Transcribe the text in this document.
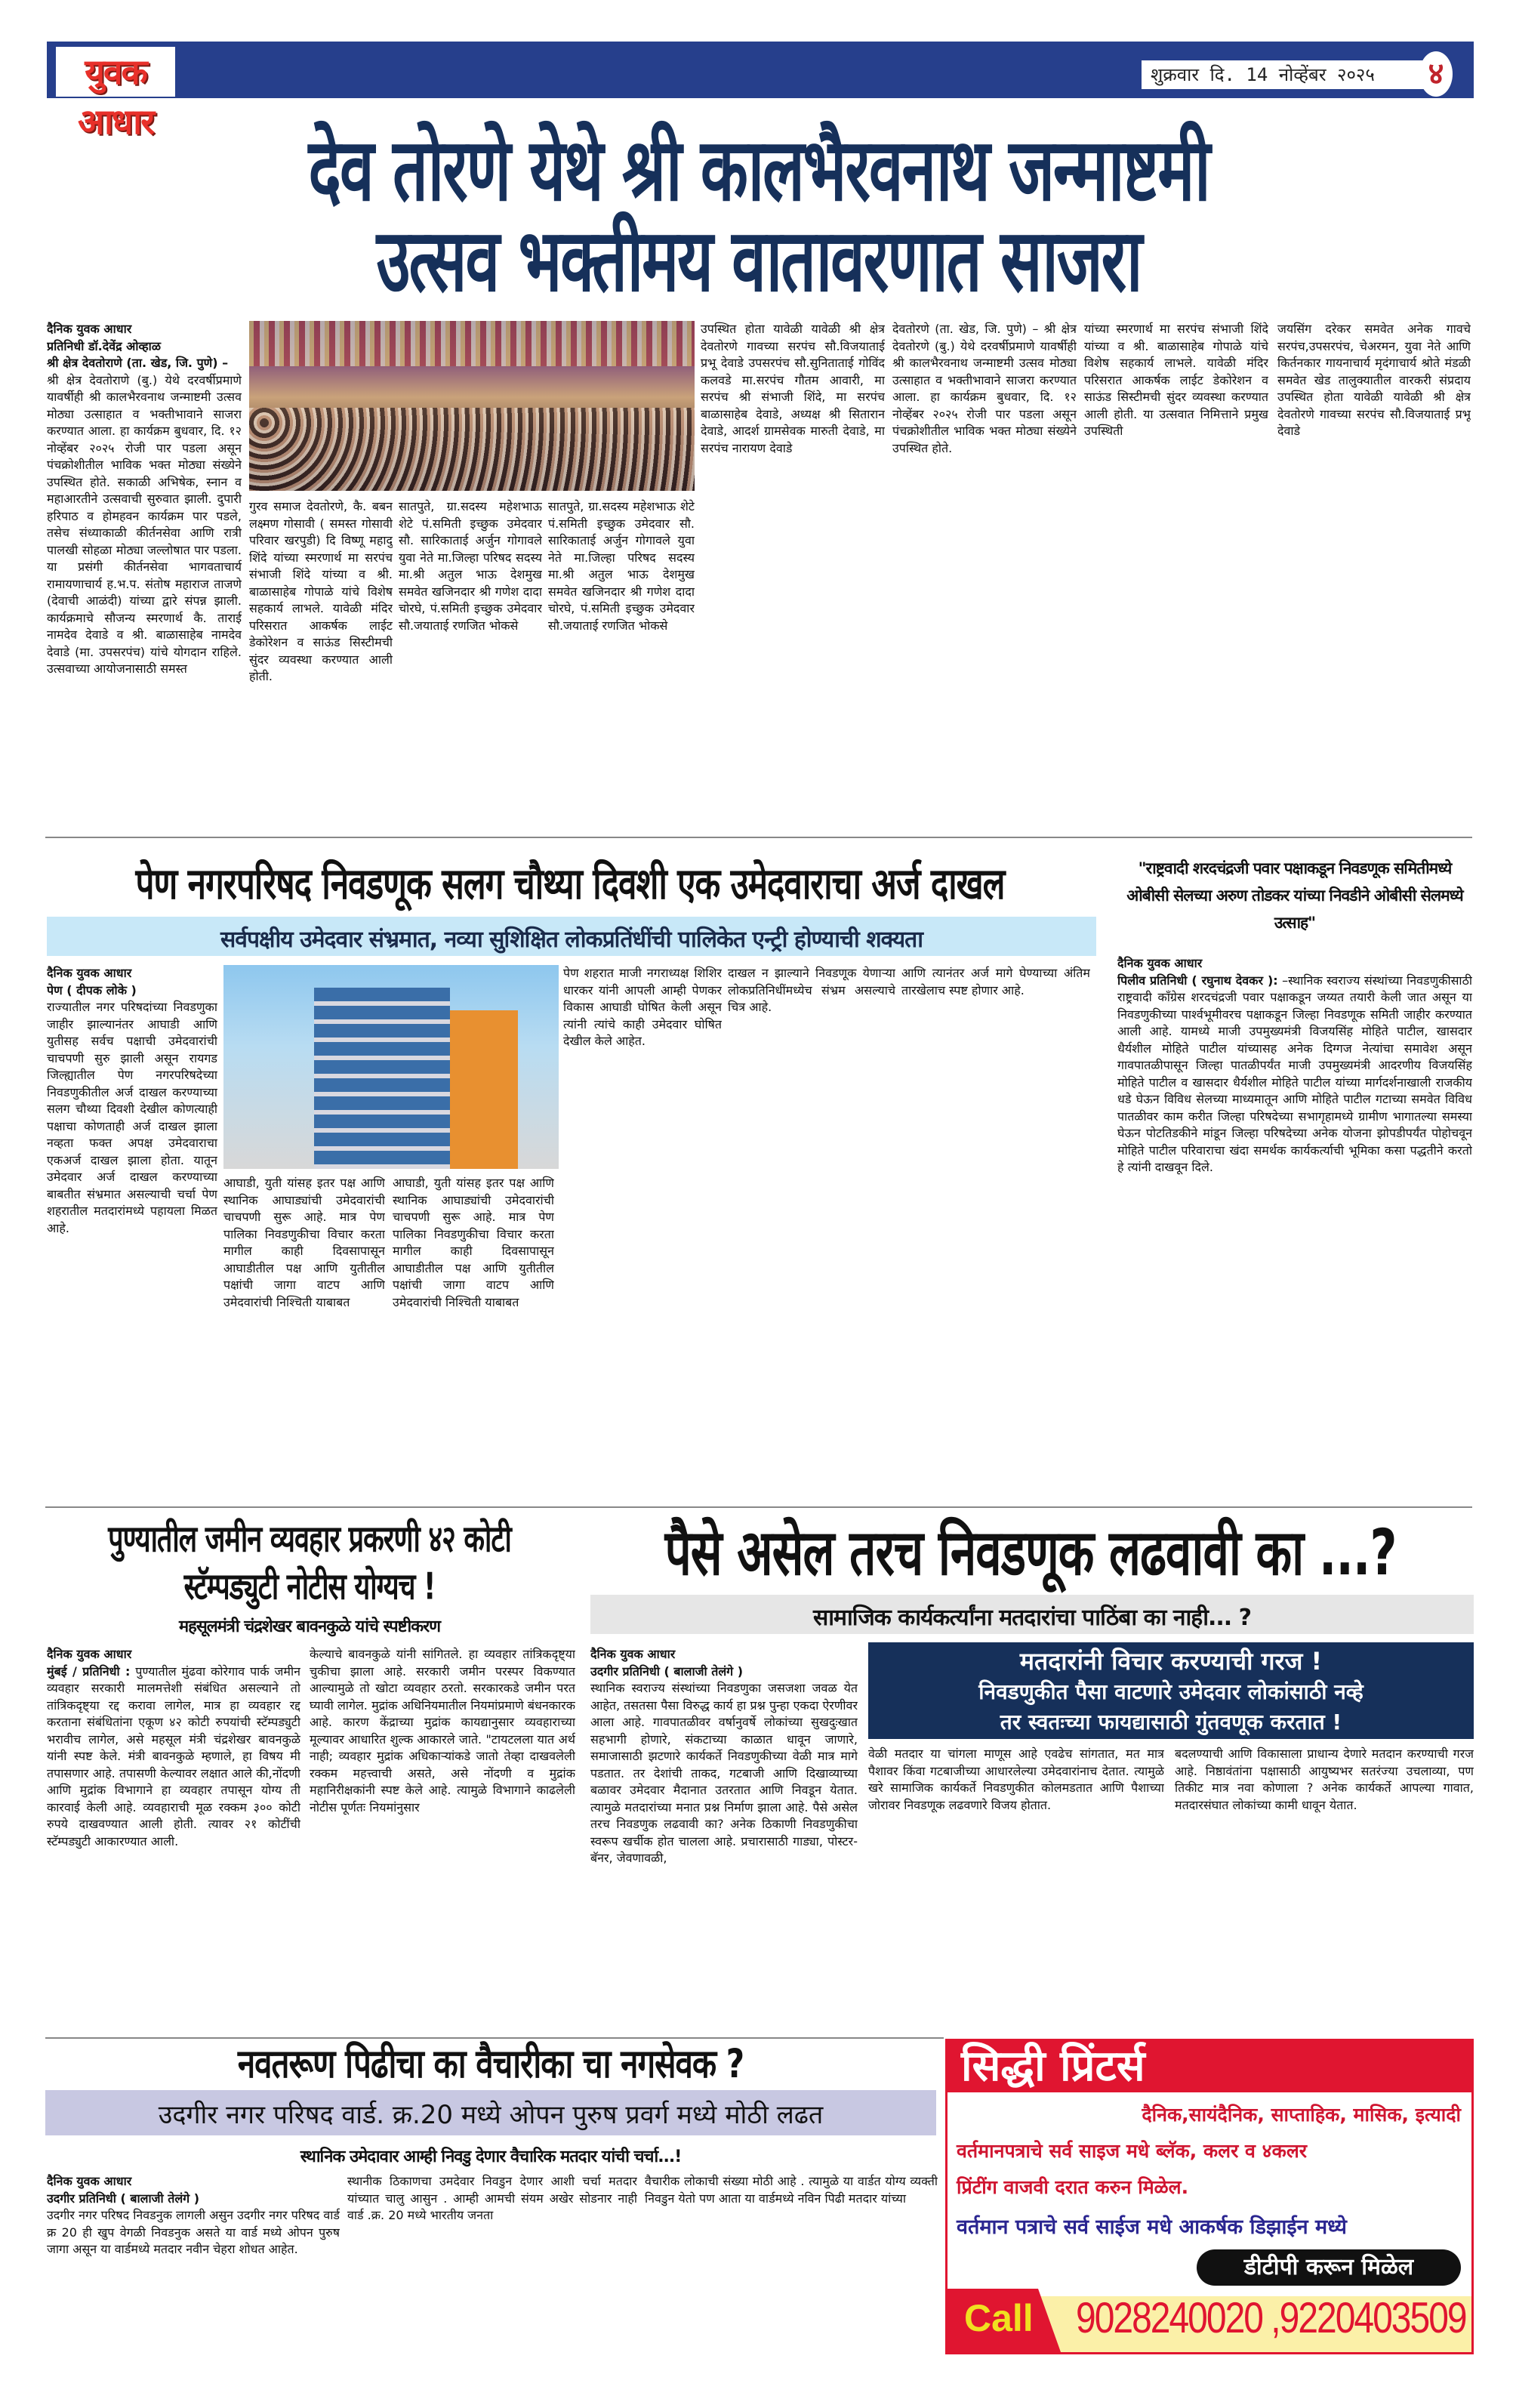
युवक आधार
शुक्रवार दि. 14 नोव्हेंबर २०२५	४
देव तोरणे येथे श्री कालभैरवनाथ जन्माष्टमी
उत्सव भक्तीमय वातावरणात साजरा
दैनिक युवक आधार
प्रतिनिधी डॉ.देवेंद्र ओव्हाळ
श्री क्षेत्र देवतोराणे (ता. खेड, जि. पुणे) –
श्री क्षेत्र देवतोराणे (बु.) येथे दरवर्षीप्रमाणे यावर्षीही श्री कालभैरवनाथ जन्माष्टमी उत्सव मोठ्या उत्साहात व भक्तीभावाने साजरा करण्यात आला. हा कार्यक्रम बुधवार, दि. १२ नोव्हेंबर २०२५ रोजी पार पडला असून पंचक्रोशीतील भाविक भक्त मोठ्या संख्येने उपस्थित होते. सकाळी अभिषेक, स्नान व महाआरतीने उत्सवाची सुरुवात झाली. दुपारी हरिपाठ व होमहवन कार्यक्रम पार पडले, तसेच संध्याकाळी कीर्तनसेवा आणि रात्री पालखी सोहळा मोठ्या जल्लोषात पार पडला. या प्रसंगी कीर्तनसेवा भागवताचार्य रामायणाचार्य ह.भ.प. संतोष महाराज ताजणे (देवाची आळंदी) यांच्या द्वारे संपन्न झाली. कार्यक्रमाचे सौजन्य स्मरणार्थ कै. ताराई नामदेव देवाडे व श्री. बाळासाहेब नामदेव देवाडे (मा. उपसरपंच) यांचे योगदान राहिले. उत्सवाच्या आयोजनासाठी समस्त
गुरव समाज देवतोरणे, कै. बबन लक्ष्मण गोसावी ( समस्त गोसावी परिवार खरपुडी) दि विष्णू महादु शिंदे यांच्या स्मरणार्थ मा सरपंच संभाजी शिंदे यांच्या व श्री. बाळासाहेब गोपाळे यांचे विशेष सहकार्य लाभले. यावेळी मंदिर परिसरात आकर्षक लाईट डेकोरेशन व साऊंड सिस्टीमची सुंदर व्यवस्था करण्यात आली होती.
सातपुते, ग्रा.सदस्य महेशभाऊ शेटे पं.समिती इच्छुक उमेदवार सौ. सारिकाताई अर्जुन गोगावले युवा नेते मा.जिल्हा परिषद सदस्य मा.श्री अतुल भाऊ देशमुख समवेत खजिनदार श्री गणेश दादा चोरघे, पं.समिती इच्छुक उमेदवार सौ.जयाताई रणजित भोकसे
सातपुते, ग्रा.सदस्य महेशभाऊ शेटे पं.समिती इच्छुक उमेदवार सौ. सारिकाताई अर्जुन गोगावले युवा नेते मा.जिल्हा परिषद सदस्य मा.श्री अतुल भाऊ देशमुख समवेत खजिनदार श्री गणेश दादा चोरघे, पं.समिती इच्छुक उमेदवार सौ.जयाताई रणजित भोकसे
उपस्थित होता यावेळी यावेळी श्री क्षेत्र देवतोरणे गावच्या सरपंच सौ.विजयाताई प्रभू देवाडे उपसरपंच सौ.सुनिताताई गोविंद कलवडे मा.सरपंच गौतम आवारी, मा सरपंच श्री संभाजी शिंदे, मा सरपंच बाळासाहेब देवाडे, अध्यक्ष श्री सितारान देवाडे, आदर्श ग्रामसेवक मारुती देवाडे, मा सरपंच नारायण देवाडे
देवतोरणे (ता. खेड, जि. पुणे) – श्री क्षेत्र देवतोरणे (बु.) येथे दरवर्षीप्रमाणे यावर्षीही श्री कालभैरवनाथ जन्माष्टमी उत्सव मोठ्या उत्साहात व भक्तीभावाने साजरा करण्यात आला. हा कार्यक्रम बुधवार, दि. १२ नोव्हेंबर २०२५ रोजी पार पडला असून पंचक्रोशीतील भाविक भक्त मोठ्या संख्येने उपस्थित होते.
यांच्या स्मरणार्थ मा सरपंच संभाजी शिंदे यांच्या व श्री. बाळासाहेब गोपाळे यांचे विशेष सहकार्य लाभले. यावेळी मंदिर परिसरात आकर्षक लाईट डेकोरेशन व साऊंड सिस्टीमची सुंदर व्यवस्था करण्यात आली होती. या उत्सवात निमित्ताने प्रमुख उपस्थिती
जयसिंग दरेकर समवेत अनेक गावचे सरपंच,उपसरपंच, चेअरमन, युवा नेते आणि किर्तनकार गायनाचार्य मृदंगाचार्य श्रोते मंडळी समवेत खेड तालुक्यातील वारकरी संप्रदाय उपस्थित होता यावेळी यावेळी श्री क्षेत्र देवतोरणे गावच्या सरपंच सौ.विजयाताई प्रभू देवाडे
पेण नगरपरिषद निवडणूक सलग चौथ्या दिवशी एक उमेदवाराचा अर्ज दाखल
सर्वपक्षीय उमेदवार संभ्रमात, नव्या सुशिक्षित लोकप्रतिंधींची पालिकेत एन्ट्री होण्याची शक्यता
दैनिक युवक आधार
पेण ( दीपक लोके )
राज्यातील नगर परिषदांच्या निवडणुका जाहीर झाल्यानंतर आघाडी आणि युतीसह सर्वच पक्षाची उमेदवारांची चाचपणी सुरु झाली असून रायगड जिल्ह्यातील पेण नगरपरिषदेच्या निवडणुकीतील अर्ज दाखल करण्याच्या सलग चौथ्या दिवशी देखील कोणत्याही पक्षाचा कोणताही अर्ज दाखल झाला नव्हता फक्त अपक्ष उमेदवाराचा एकअर्ज दाखल झाला होता. यातून उमेदवार अर्ज दाखल करण्याच्या बाबतीत संभ्रमात असल्याची चर्चा पेण शहरातील मतदारांमध्ये पहायला मिळत आहे.
आघाडी, युती यांसह इतर पक्ष आणि स्थानिक आघाड्यांची उमेदवारांची चाचपणी सुरू आहे. मात्र पेण पालिका निवडणुकीचा विचार करता मागील काही दिवसापासून आघाडीतील पक्ष आणि युतीतील पक्षांची जागा वाटप आणि उमेदवारांची निश्चिती याबाबत
आघाडी, युती यांसह इतर पक्ष आणि स्थानिक आघाड्यांची उमेदवारांची चाचपणी सुरू आहे. मात्र पेण पालिका निवडणुकीचा विचार करता मागील काही दिवसापासून आघाडीतील पक्ष आणि युतीतील पक्षांची जागा वाटप आणि उमेदवारांची निश्चिती याबाबत
पेण शहरात माजी नगराध्यक्ष शिशिर धारकर यांनी आपली आम्ही पेणकर विकास आघाडी घोषित केली असून त्यांनी त्यांचे काही उमेदवार घोषित देखील केले आहेत.
दाखल न झाल्याने निवडणूक येणाऱ्या लोकप्रतिनिधींमध्येच संभ्रम असल्याचे चित्र आहे.
आणि त्यानंतर अर्ज मागे घेण्याच्या अंतिम तारखेलाच स्पष्ट होणार आहे.
"राष्ट्रवादी शरदचंद्रजी पवार पक्षाकडून निवडणूक समितीमध्ये ओबीसी सेलच्या अरुण तोडकर यांच्या निवडीने ओबीसी सेलमध्ये उत्साह"
दैनिक युवक आधार
पिलीव प्रतिनिधी ( रघुनाथ देवकर ): –स्थानिक स्वराज्य संस्थांच्या निवडणुकीसाठी राष्ट्रवादी काँग्रेस शरदचंद्रजी पवार पक्षाकडून जय्यत तयारी केली जात असून या निवडणुकीच्या पार्श्वभूमीवरच पक्षाकडून जिल्हा निवडणूक समिती जाहीर करण्यात आली आहे. यामध्ये माजी उपमुख्यमंत्री विजयसिंह मोहिते पाटील, खासदार धैर्यशील मोहिते पाटील यांच्यासह अनेक दिग्गज नेत्यांचा समावेश असून गावपातळीपासून जिल्हा पातळीपर्यंत माजी उपमुख्यमंत्री आदरणीय विजयसिंह मोहिते पाटील व खासदार धैर्यशील मोहिते पाटील यांच्या मार्गदर्शनाखाली राजकीय धडे घेऊन विविध सेलच्या माध्यमातून आणि मोहिते पाटील गटाच्या समवेत विविध पातळीवर काम करीत जिल्हा परिषदेच्या सभागृहामध्ये ग्रामीण भागातल्या समस्या घेऊन पोटतिडकीने मांडून जिल्हा परिषदेच्या अनेक योजना झोपडीपर्यंत पोहोचवून मोहिते पाटील परिवाराचा खंदा समर्थक कार्यकर्त्याची भूमिका कसा पद्धतीने करतो हे त्यांनी दाखवून दिले.
पुण्यातील जमीन व्यवहार प्रकरणी ४२ कोटी
स्टॅम्पड्युटी नोटीस योग्यच !
महसूलमंत्री चंद्रशेखर बावनकुळे यांचे स्पष्टीकरण
दैनिक युवक आधार
मुंबई / प्रतिनिधी : पुण्यातील मुंढवा कोरेगाव पार्क जमीन व्यवहार सरकारी मालमत्तेशी संबंधित असल्याने तो तांत्रिकदृष्ट्या रद्द करावा लागेल, मात्र हा व्यवहार रद्द करताना संबंधितांना एकूण ४२ कोटी रुपयांची स्टॅम्पड्युटी भरावीच लागेल, असे महसूल मंत्री चंद्रशेखर बावनकुळे यांनी स्पष्ट केले. मंत्री बावनकुळे म्हणाले, हा विषय मी तपासणार आहे. तपासणी केल्यावर लक्षात आले की,नोंदणी आणि मुद्रांक विभागाने हा व्यवहार तपासून योग्य ती कारवाई केली आहे. व्यवहाराची मूळ रक्कम ३०० कोटी रुपये दाखवण्यात आली होती. त्यावर २१ कोटींची स्टॅम्पड्युटी आकारण्यात आली.
केल्याचे बावनकुळे यांनी सांगितले. हा व्यवहार तांत्रिकदृष्ट्या चुकीचा झाला आहे. सरकारी जमीन परस्पर विकण्यात आल्यामुळे तो खोटा व्यवहार ठरतो. सरकारकडे जमीन परत घ्यावी लागेल. मुद्रांक अधिनियमातील नियमांप्रमाणे बंधनकारक आहे. कारण केंद्राच्या मुद्रांक कायद्यानुसार व्यवहाराच्या मूल्यावर आधारित शुल्क आकारले जाते. "टायटलला यात अर्थ नाही; व्यवहार मुद्रांक अधिकाऱ्यांकडे जातो तेव्हा दाखवलेली रक्कम महत्त्वाची असते, असे नोंदणी व मुद्रांक महानिरीक्षकांनी स्पष्ट केले आहे. त्यामुळे विभागाने काढलेली नोटीस पूर्णतः नियमांनुसार
पैसे असेल तरच निवडणूक लढवावी का ...?
सामाजिक कार्यकर्त्यांना मतदारांचा पाठिंबा का नाही... ?
दैनिक युवक आधार
उदगीर प्रतिनिधी ( बालाजी तेलंगे )
स्थानिक स्वराज्य संस्थांच्या निवडणुका जसजशा जवळ येत आहेत, तसतसा पैसा विरुद्ध कार्य हा प्रश्न पुन्हा एकदा ऐरणीवर आला आहे. गावपातळीवर वर्षानुवर्षे लोकांच्या सुखदुःखात सहभागी होणारे, संकटाच्या काळात धावून जाणारे, समाजासाठी झटणारे कार्यकर्ते निवडणुकीच्या वेळी मात्र मागे पडतात. तर देशांची ताकद, गटबाजी आणि दिखाव्याच्या बळावर उमेदवार मैदानात उतरतात आणि निवडून येतात. त्यामुळे मतदारांच्या मनात प्रश्न निर्माण झाला आहे. पैसे असेल तरच निवडणुक लढवावी का? अनेक ठिकाणी निवडणुकीचा स्वरूप खर्चीक होत चालला आहे. प्रचारासाठी गाड्या, पोस्टर-बॅनर, जेवणावळी,
मतदारांनी विचार करण्याची गरज !
निवडणुकीत पैसा वाटणारे उमेदवार लोकांसाठी नव्हे
तर स्वतःच्या फायद्यासाठी गुंतवणूक करतात !
वेळी मतदार या चांगला माणूस आहे एवढेच सांगतात, मत मात्र पैशावर किंवा गटबाजीच्या आधारलेल्या उमेदवारांनाच देतात. त्यामुळे खरे सामाजिक कार्यकर्ते निवडणुकीत कोलमडतात आणि पैशाच्या जोरावर निवडणूक लढवणारे विजय होतात.
बदलण्याची आणि विकासाला प्राधान्य देणारे मतदान करण्याची गरज आहे. निष्ठावंतांना पक्षासाठी आयुष्यभर सतरंज्या उचलाव्या, पण तिकीट मात्र नवा कोणाला ? अनेक कार्यकर्ते आपल्या गावात, मतदारसंघात लोकांच्या कामी धावून येतात.
नवतरूण पिढीचा का वैचारीका चा नगसेवक ?
उदगीर नगर परिषद वार्ड. क्र.20 मध्ये ओपन पुरुष प्रवर्ग मध्ये मोठी लढत
स्थानिक उमेदावार आम्ही निवडु देणार वैचारिक मतदार यांची चर्चा...!
दैनिक युवक आधार
उदगीर प्रतिनिधी ( बालाजी तेलंगे )
उदगीर नगर परिषद निवडनुक लागली असुन उदगीर नगर परिषद वार्ड क्र 20 ही खुप वेगळी निवडनुक असते या वार्ड मध्ये ओपन पुरुष जागा असून या वार्डमध्ये मतदार नवीन चेहरा शोधत आहेत.
स्थानीक ठिकाणचा उमदेवार निवडुन देणार आशी चर्चा मतदार यांच्यात चालु आसुन . आम्ही आमची संयम अखेर सोडनार नाही वार्ड .क्र. 20 मध्ये भारतीय जनता
वैचारीक लोकाची संख्या मोठी आहे . त्यामुळे या वार्डत योग्य व्यक्ती निवडुन येतो पण आता या वार्डमध्ये नविन पिढी मतदार यांच्या
सिद्धी प्रिंटर्स
दैनिक,सायंदैनिक, साप्ताहिक, मासिक, इत्यादी
वर्तमानपत्राचे सर्व साइज मधे ब्लॅक, कलर व ४कलर
प्रिंटींग वाजवी दरात करुन मिळेल.
वर्तमान पत्राचे सर्व साईज मधे आकर्षक डिझाईन मध्ये
डीटीपी करून मिळेल
Call 9028240020 ,9220403509
